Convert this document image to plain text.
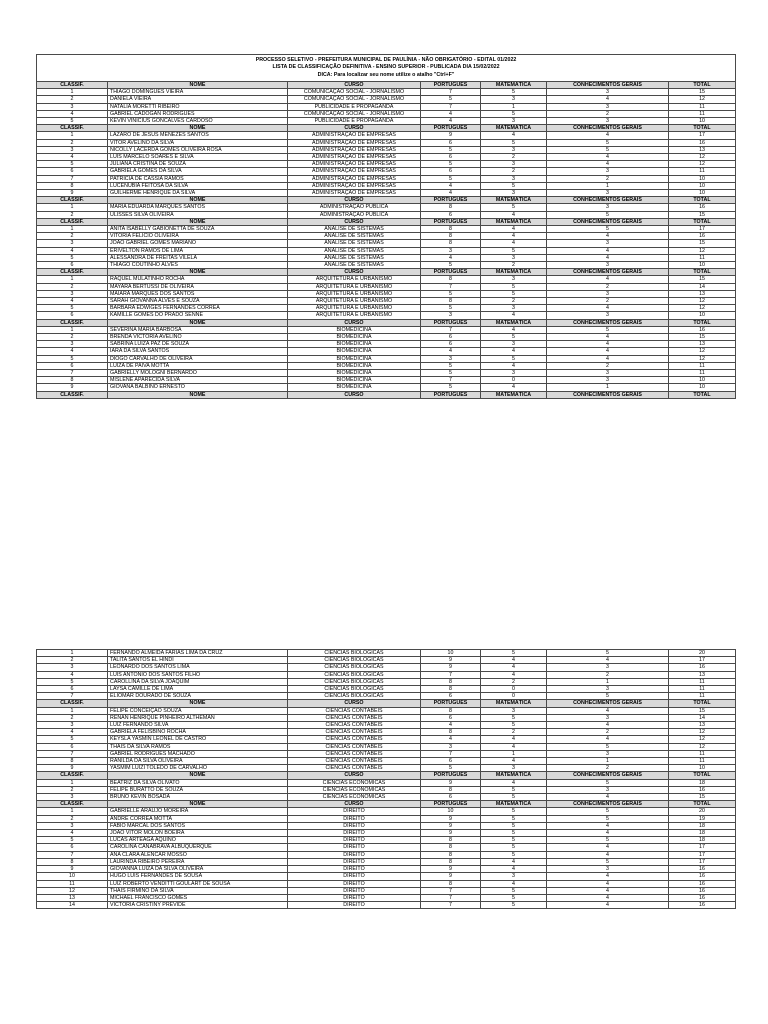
PROCESSO SELETIVO - PREFEITURA MUNICIPAL DE PAULÍNIA - NÃO OBRIGATÓRIO - EDITAL 01/2022
LISTA DE CLASSIFICAÇÃO DEFINITIVA - ENSINO SUPERIOR - PUBLICADA DIA 15/02/2022
DICA: Para localizar seu nome utilize o atalho "Ctrl+F"						

CLASSIF.	NOME	CURSO	PORTUGUÊS	MATEMÁTICA	CONHECIMENTOS GERAIS	TOTAL
1	THIAGO DOMINGUES VIEIRA	COMUNICAÇÃO SOCIAL - JORNALISMO	7	5	3	15
2	DANIELA VIEIRA	COMUNICAÇÃO SOCIAL - JORNALISMO	5	3	4	12
3	NATALIA MORETTI RIBEIRO	PUBLICIDADE E PROPAGANDA	7	1	3	11
4	GABRIEL CADOGAN RODRIGUES	COMUNICAÇÃO SOCIAL - JORNALISMO	4	5	2	11
5	KEVIN VINICIUS GONCALVES CARDOSO	PUBLICIDADE E PROPAGANDA	4	3	3	10
CLASSIF.	NOME	CURSO	PORTUGUÊS	MATEMÁTICA	CONHECIMENTOS GERAIS	TOTAL
1	LÁZARO DE JESUS MENEZES SANTOS	ADMINISTRAÇÃO DE EMPRESAS	9	4	4	17
2	VITOR AVELINO DA SILVA	ADMINISTRAÇÃO DE EMPRESAS	6	5	5	16
3	NICOLLY LACERDA GOMES OLIVEIRA ROSA	ADMINISTRAÇÃO DE EMPRESAS	5	3	5	13
4	LUIS MARCELO SOARES E SILVA	ADMINISTRAÇÃO DE EMPRESAS	6	2	4	12
5	JULIANA CRISTINA DE SOUZA	ADMINISTRAÇÃO DE EMPRESAS	5	3	4	12
6	GABRIELA GOMES DA SILVA	ADMINISTRAÇÃO DE EMPRESAS	6	2	3	11
7	PATRICIA DE CASSIA RAMOS	ADMINISTRAÇÃO DE EMPRESAS	5	3	2	10
8	LUCENUBIA FEITOSA DA SILVA	ADMINISTRAÇÃO DE EMPRESAS	4	5	1	10
9	GUILHERME HENRIQUE DA SILVA	ADMINISTRAÇÃO DE EMPRESAS	4	3	3	10
CLASSIF.	NOME	CURSO	PORTUGUÊS	MATEMÁTICA	CONHECIMENTOS GERAIS	TOTAL
1	MARIA EDUARDA MARQUES SANTOS	ADMINISTRAÇÃO PÚBLICA	8	5	3	16
2	ULISSES SILVA OLIVEIRA	ADMINISTRAÇÃO PÚBLICA	6	4	5	15
CLASSIF.	NOME	CURSO	PORTUGUÊS	MATEMÁTICA	CONHECIMENTOS GERAIS	TOTAL
1	ANITA ISABELLY GABIONETTA DE SOUZA	ANÁLISE DE SISTEMAS	8	4	5	17
2	VITORIA FELICIO OLIVEIRA	ANÁLISE DE SISTEMAS	8	4	4	16
3	JOÃO GABRIEL GOMES MARIANO	ANÁLISE DE SISTEMAS	8	4	3	15
4	ERIVELTON RAMOS DE LIMA	ANÁLISE DE SISTEMAS	3	5	4	12
5	ALESSANDRA DE FREITAS VILELA	ANÁLISE DE SISTEMAS	4	3	4	11
6	THIAGO COUTINHO ALVES	ANÁLISE DE SISTEMAS	5	2	3	10
CLASSIF.	NOME	CURSO	PORTUGUÊS	MATEMÁTICA	CONHECIMENTOS GERAIS	TOTAL
1	RAQUEL MULATINHO ROCHA	ARQUITETURA E URBANISMO	8	3	4	15
2	MAYARA BERTUSSI DE OLIVEIRA	ARQUITETURA E URBANISMO	7	5	2	14
3	MAIARA MARQUES DOS SANTOS	ARQUITETURA E URBANISMO	5	5	3	13
4	SARAH GIOVANNA ALVES E SOUZA	ARQUITETURA E URBANISMO	8	2	2	12
5	BÁRBARA EDWIGES FERNANDES CORRÊA	ARQUITETURA E URBANISMO	5	3	4	12
6	KAMILLE GOMES DO PRADO SENNE	ARQUITETURA E URBANISMO	3	4	3	10
CLASSIF.	NOME	CURSO	PORTUGUÊS	MATEMÁTICA	CONHECIMENTOS GERAIS	TOTAL
1	SEVERINA MARIA BARBOSA	BIOMEDICINA	7	4	5	16
2	BRENDA VICTORIA AVELINO	BIOMEDICINA	6	5	4	15
3	SABRINA LUIZA PAZ DE SOUZA	BIOMEDICINA	6	3	4	13
4	IARA DA SILVA SANTOS	BIOMEDICINA	4	4	4	12
5	DIOGO CARVALHO DE OLIVEIRA	BIOMEDICINA	3	5	4	12
6	LUIZA DE PAIVA MOTTA	BIOMEDICINA	5	4	2	11
7	GABRIELLY MOLOGNI BERNARDO	BIOMEDICINA	5	3	3	11
8	MISLENE APARECIDA SILVA	BIOMEDICINA	7	0	3	10
9	GIOVANA BALBINO ERNESTO	BIOMEDICINA	5	4	1	10
CLASSIF.	NOME	CURSO	PORTUGUÊS	MATEMÁTICA	CONHECIMENTOS GERAIS	TOTAL
1	FERNANDO ALMEIDA FARIAS LIMA DA CRUZ	CIÊNCIAS BIOLÓGICAS	10	5	5	20
2	TALITA SANTOS EL HINDI	CIÊNCIAS BIOLÓGICAS	9	4	4	17
3	LEONARDO DOS SANTOS LIMA	CIÊNCIAS BIOLÓGICAS	9	4	3	16
4	LUIS ANTONIO DOS SANTOS FILHO	CIÊNCIAS BIOLÓGICAS	7	4	2	13
5	CAROLLINA DA SILVA JOAQUIM	CIÊNCIAS BIOLÓGICAS	8	2	1	11
6	LAYSA CAMILLE DE LIMA	CIÊNCIAS BIOLÓGICAS	8	0	3	11
7	ELIOMAR DOURADO DE SOUZA	CIÊNCIAS BIOLÓGICAS	6	0	5	11
CLASSIF.	NOME	CURSO	PORTUGUÊS	MATEMÁTICA	CONHECIMENTOS GERAIS	TOTAL
1	FELIPE CONCEIÇÃO SOUZA	CIÊNCIAS CONTÁBEIS	8	3	4	15
2	RENAN HENRIQUE PINHEIRO ALTHEMAN	CIÊNCIAS CONTÁBEIS	6	5	3	14
3	LUIZ FERNANDO SILVA	CIÊNCIAS CONTÁBEIS	4	5	4	13
4	GABRIELA FELISBINO ROCHA	CIÊNCIAS CONTÁBEIS	8	2	2	12
5	KEYSLA YASMIN LEONEL DE CASTRO	CIÊNCIAS CONTÁBEIS	4	4	4	12
6	THAIS DA SILVA RAMOS	CIÊNCIAS CONTÁBEIS	3	4	5	12
7	GABRIEL RODRIGUES MACHADO	CIÊNCIAS CONTÁBEIS	7	1	3	11
8	RANILDA DA SILVA OLIVEIRA	CIÊNCIAS CONTÁBEIS	6	4	1	11
9	YASMIM LUIZI TOLEDO DE CARVALHO	CIÊNCIAS CONTÁBEIS	5	3	2	10
CLASSIF.	NOME	CURSO	PORTUGUÊS	MATEMÁTICA	CONHECIMENTOS GERAIS	TOTAL
1	BEATRIZ DA SILVA OLIVATO	CIÊNCIAS ECONÔMICAS	9	4	5	18
2	FELIPE BURATTO DE SOUZA	CIÊNCIAS ECONÔMICAS	8	5	3	16
3	BRUNO KEVIN BOSADA	CIÊNCIAS ECONÔMICAS	6	5	4	15
CLASSIF.	NOME	CURSO	PORTUGUÊS	MATEMÁTICA	CONHECIMENTOS GERAIS	TOTAL
1	GABRIELLE ARAUJO MOREIRA	DIREITO	10	5	5	20
2	ANDRE CORREA MOTTA	DIREITO	9	5	5	19
3	FABIO MARCAL DOS SANTOS	DIREITO	9	5	4	18
4	JOÃO VÍTOR MOLON BOEIRA	DIREITO	9	5	4	18
5	LUCAS ARTEAGA AQUINO	DIREITO	8	5	5	18
6	CAROLINA CANABRAVA ALBUQUERQUE	DIREITO	8	5	4	17
7	ANA CLARA ALENCAR MOSSO	DIREITO	8	5	4	17
8	LAURINDA RIBEIRO PEREIRA	DIREITO	8	4	5	17
9	GIOVANNA LUIZA DA SILVA OLIVEIRA	DIREITO	9	4	3	16
10	HUGO LUIS FERNANDES DE SOUSA	DIREITO	9	3	4	16
11	LUIZ ROBERTO VENDITTI GOULART DE SOUSA	DIREITO	8	4	4	16
12	THAIS FIRMINO DA SILVA	DIREITO	7	5	4	16
13	MICHAEL FRANCISCO GOMES	DIREITO	7	5	4	16
14	VICTÓRIA CRISTINY PREVIDE	DIREITO	7	5	4	16
